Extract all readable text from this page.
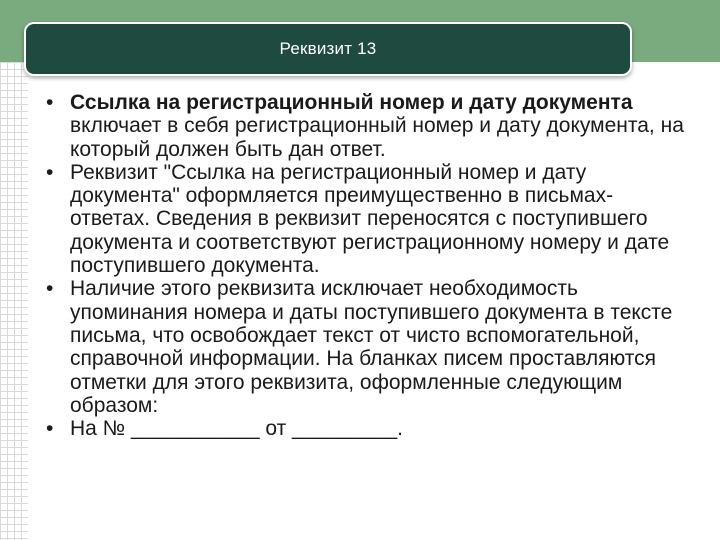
Реквизит 13
• Ссылка на регистрационный номер и дату документа включает в себя регистрационный номер и дату документа, на который должен быть дан ответ.
• Реквизит "Ссылка на регистрационный номер и дату документа" оформляется преимущественно в письмах-ответах. Сведения в реквизит переносятся с поступившего документа и соответствуют регистрационному номеру и дате поступившего документа.
• Наличие этого реквизита исключает необходимость упоминания номера и даты поступившего документа в тексте письма, что освобождает текст от чисто вспомогательной, справочной информации. На бланках писем проставляются отметки для этого реквизита, оформленные следующим образом:
• На № ___________ от _________.
